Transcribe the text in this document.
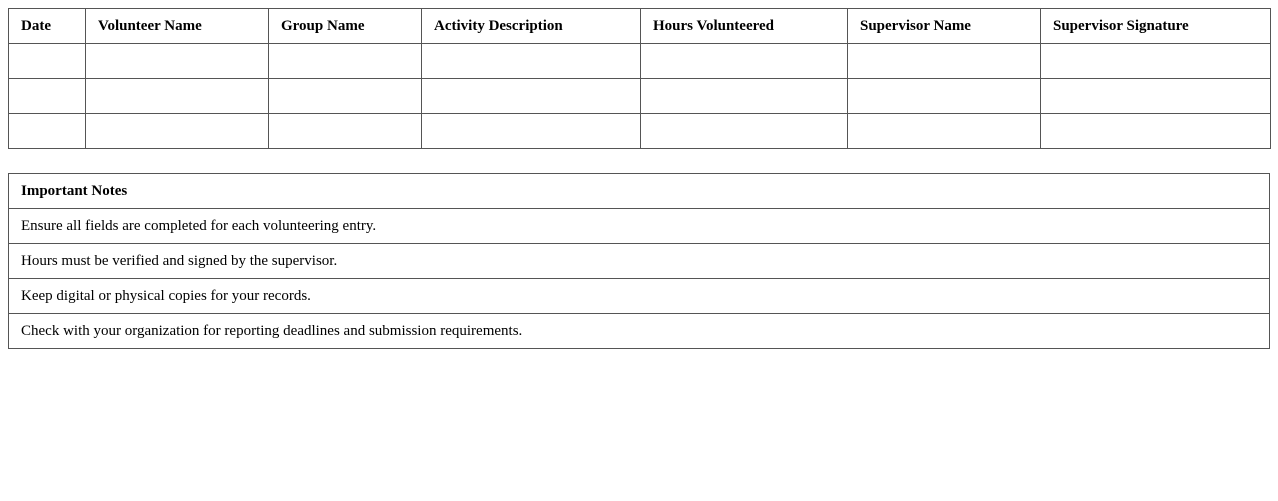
Date	Volunteer Name	Group Name	Activity Description	Hours Volunteered	Supervisor Name	Supervisor Signature

Important Notes
Ensure all fields are completed for each volunteering entry.
Hours must be verified and signed by the supervisor.
Keep digital or physical copies for your records.
Check with your organization for reporting deadlines and submission requirements.
